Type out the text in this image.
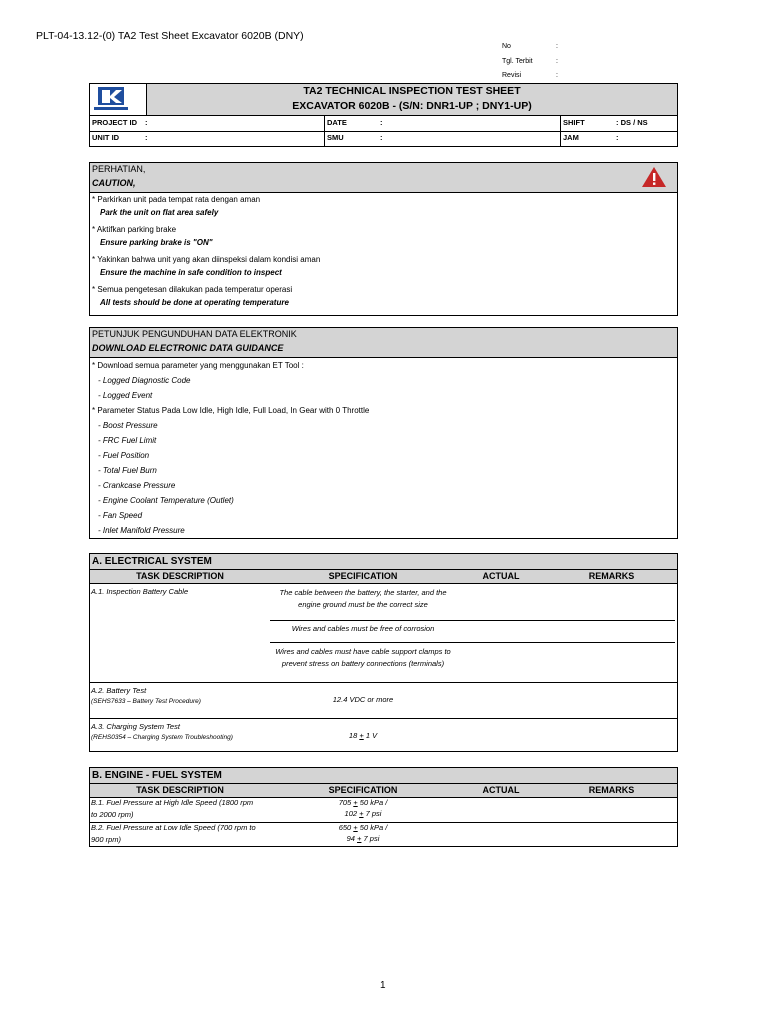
PLT-04-13.12-(0) TA2 Test Sheet Excavator 6020B (DNY)
No	:
Tgl. Terbit	:
Revisi	:
TA2 TECHNICAL INSPECTION TEST SHEET
EXCAVATOR 6020B - (S/N: DNR1-UP ; DNY1-UP)
PROJECT ID :
UNIT ID	:
DATE	:
SMU	:
SHIFT	: DS / NS
JAM	:
PERHATIAN,
CAUTION,
* Parkirkan unit pada tempat rata dengan aman
Park the unit on flat area safely
* Aktifkan parking brake
Ensure parking brake is "ON"
* Yakinkan bahwa unit yang akan diinspeksi dalam kondisi aman
Ensure the machine in safe condition to inspect
* Semua pengetesan dilakukan pada temperatur operasi
All tests should be done at operating temperature
PETUNJUK PENGUNDUHAN DATA ELEKTRONIK
DOWNLOAD ELECTRONIC DATA GUIDANCE
* Download semua parameter yang menggunakan ET Tool :
- Logged Diagnostic Code
- Logged Event
* Parameter Status Pada Low Idle, High Idle, Full Load, In Gear with 0 Throttle
- Boost Pressure
- FRC Fuel Limit
- Fuel Position
- Total Fuel Burn
- Crankcase Pressure
- Engine Coolant Temperature (Outlet)
- Fan Speed
- Inlet Manifold Pressure
A. ELECTRICAL SYSTEM
TASK DESCRIPTION	SPECIFICATION	ACTUAL	REMARKS
A.1. Inspection Battery Cable	The cable between the battery, the starter, and the engine ground must be the correct size
Wires and cables must be free of corrosion
Wires and cables must have cable support clamps to prevent stress on battery connections (terminals)
A.2. Battery Test
(SEHS7633 – Battery Test Procedure)	12.4 VDC or more
A.3. Charging System Test
(REHS0354 – Charging System Troubleshooting)	18 + 1 V
B. ENGINE - FUEL SYSTEM
TASK DESCRIPTION	SPECIFICATION	ACTUAL	REMARKS
B.1. Fuel Pressure at High Idle Speed (1800 rpm to 2000 rpm)
705 + 50 kPa /
102 + 7 psi
B.2. Fuel Pressure at Low Idle Speed (700 rpm to 900 rpm)
650 + 50 kPa /
94 + 7 psi
1
